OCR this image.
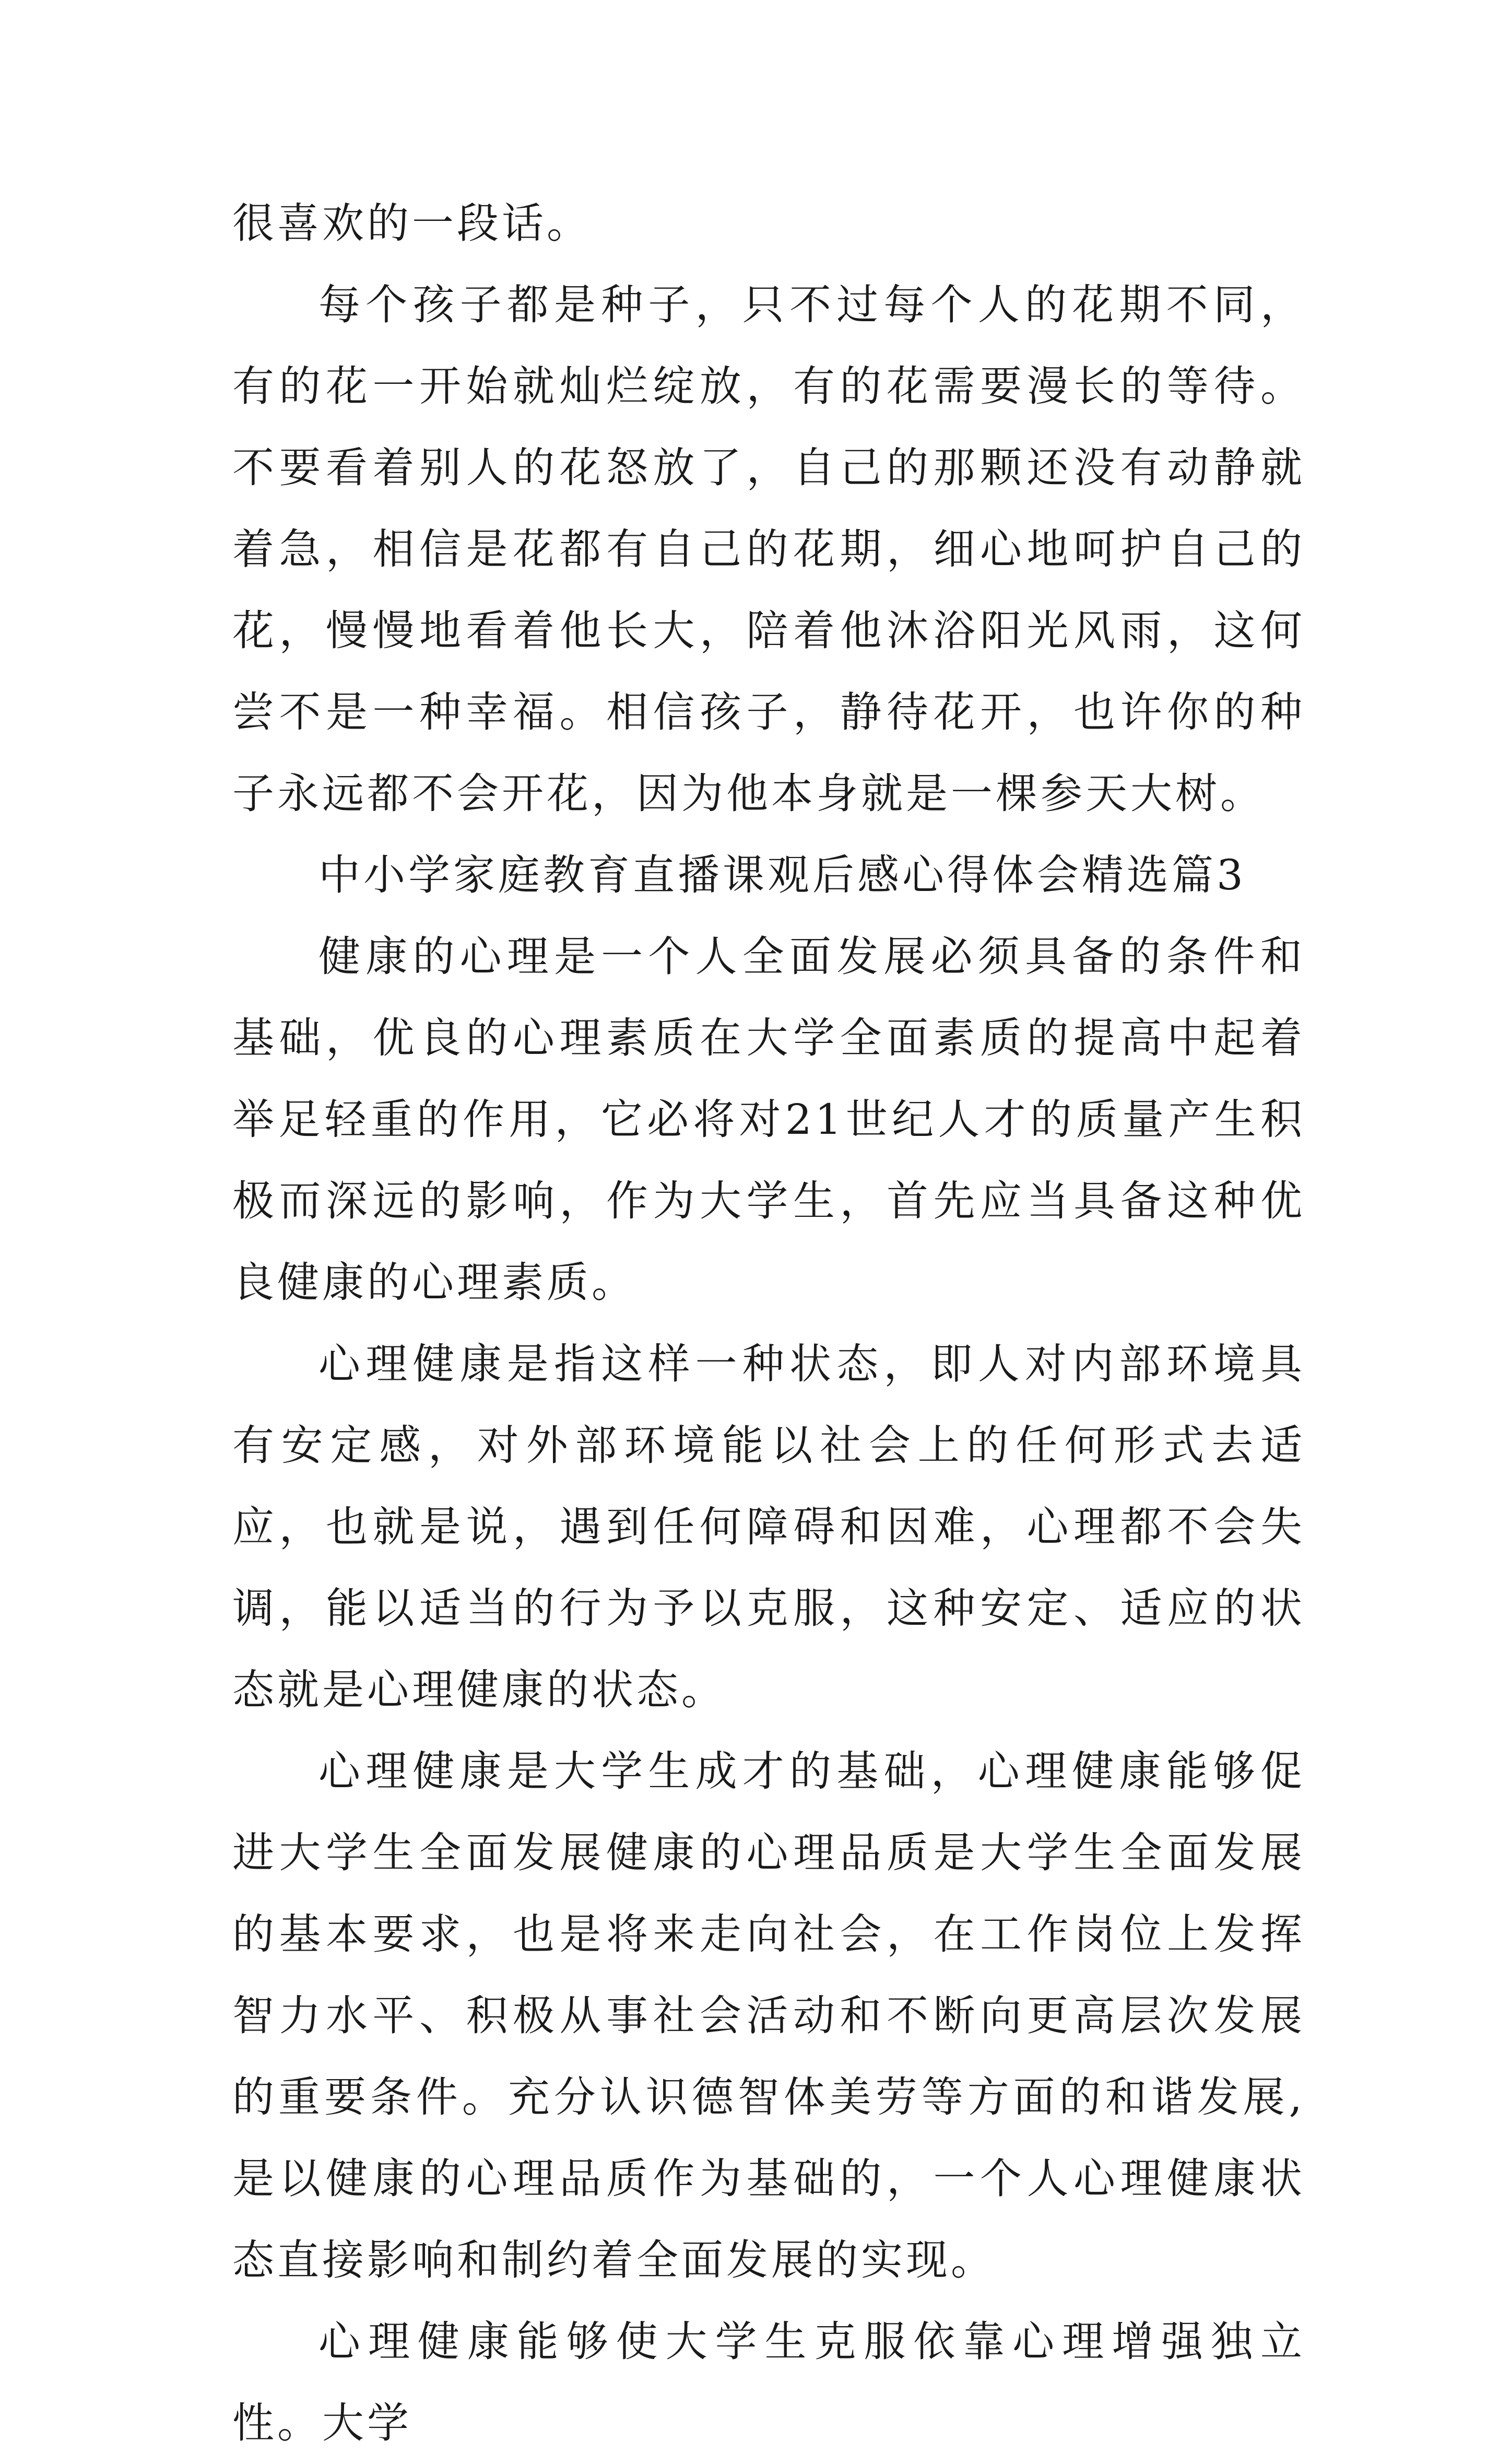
很喜欢的一段话。

每个孩子都是种子，只不过每个人的花期不同，有的花一开始就灿烂绽放，有的花需要漫长的等待。不要看着别人的花怒放了，自己的那颗还没有动静就着急，相信是花都有自己的花期，细心地呵护自己的花，慢慢地看着他长大，陪着他沐浴阳光风雨，这何尝不是一种幸福。相信孩子，静待花开，也许你的种子永远都不会开花，因为他本身就是一棵参天大树。

中小学家庭教育直播课观后感心得体会精选篇3

健康的心理是一个人全面发展必须具备的条件和基础，优良的心理素质在大学全面素质的提高中起着举足轻重的作用，它必将对21世纪人才的质量产生积极而深远的影响，作为大学生，首先应当具备这种优良健康的心理素质。

心理健康是指这样一种状态，即人对内部环境具有安定感，对外部环境能以社会上的任何形式去适应，也就是说，遇到任何障碍和因难，心理都不会失调，能以适当的行为予以克服，这种安定、适应的状态就是心理健康的状态。

心理健康是大学生成才的基础，心理健康能够促进大学生全面发展健康的心理品质是大学生全面发展的基本要求，也是将来走向社会，在工作岗位上发挥智力水平、积极从事社会活动和不断向更高层次发展的重要条件。充分认识德智体美劳等方面的和谐发展,是以健康的心理品质作为基础的，一个人心理健康状态直接影响和制约着全面发展的实现。

心理健康能够使大学生克服依靠心理增强独立性。大学
